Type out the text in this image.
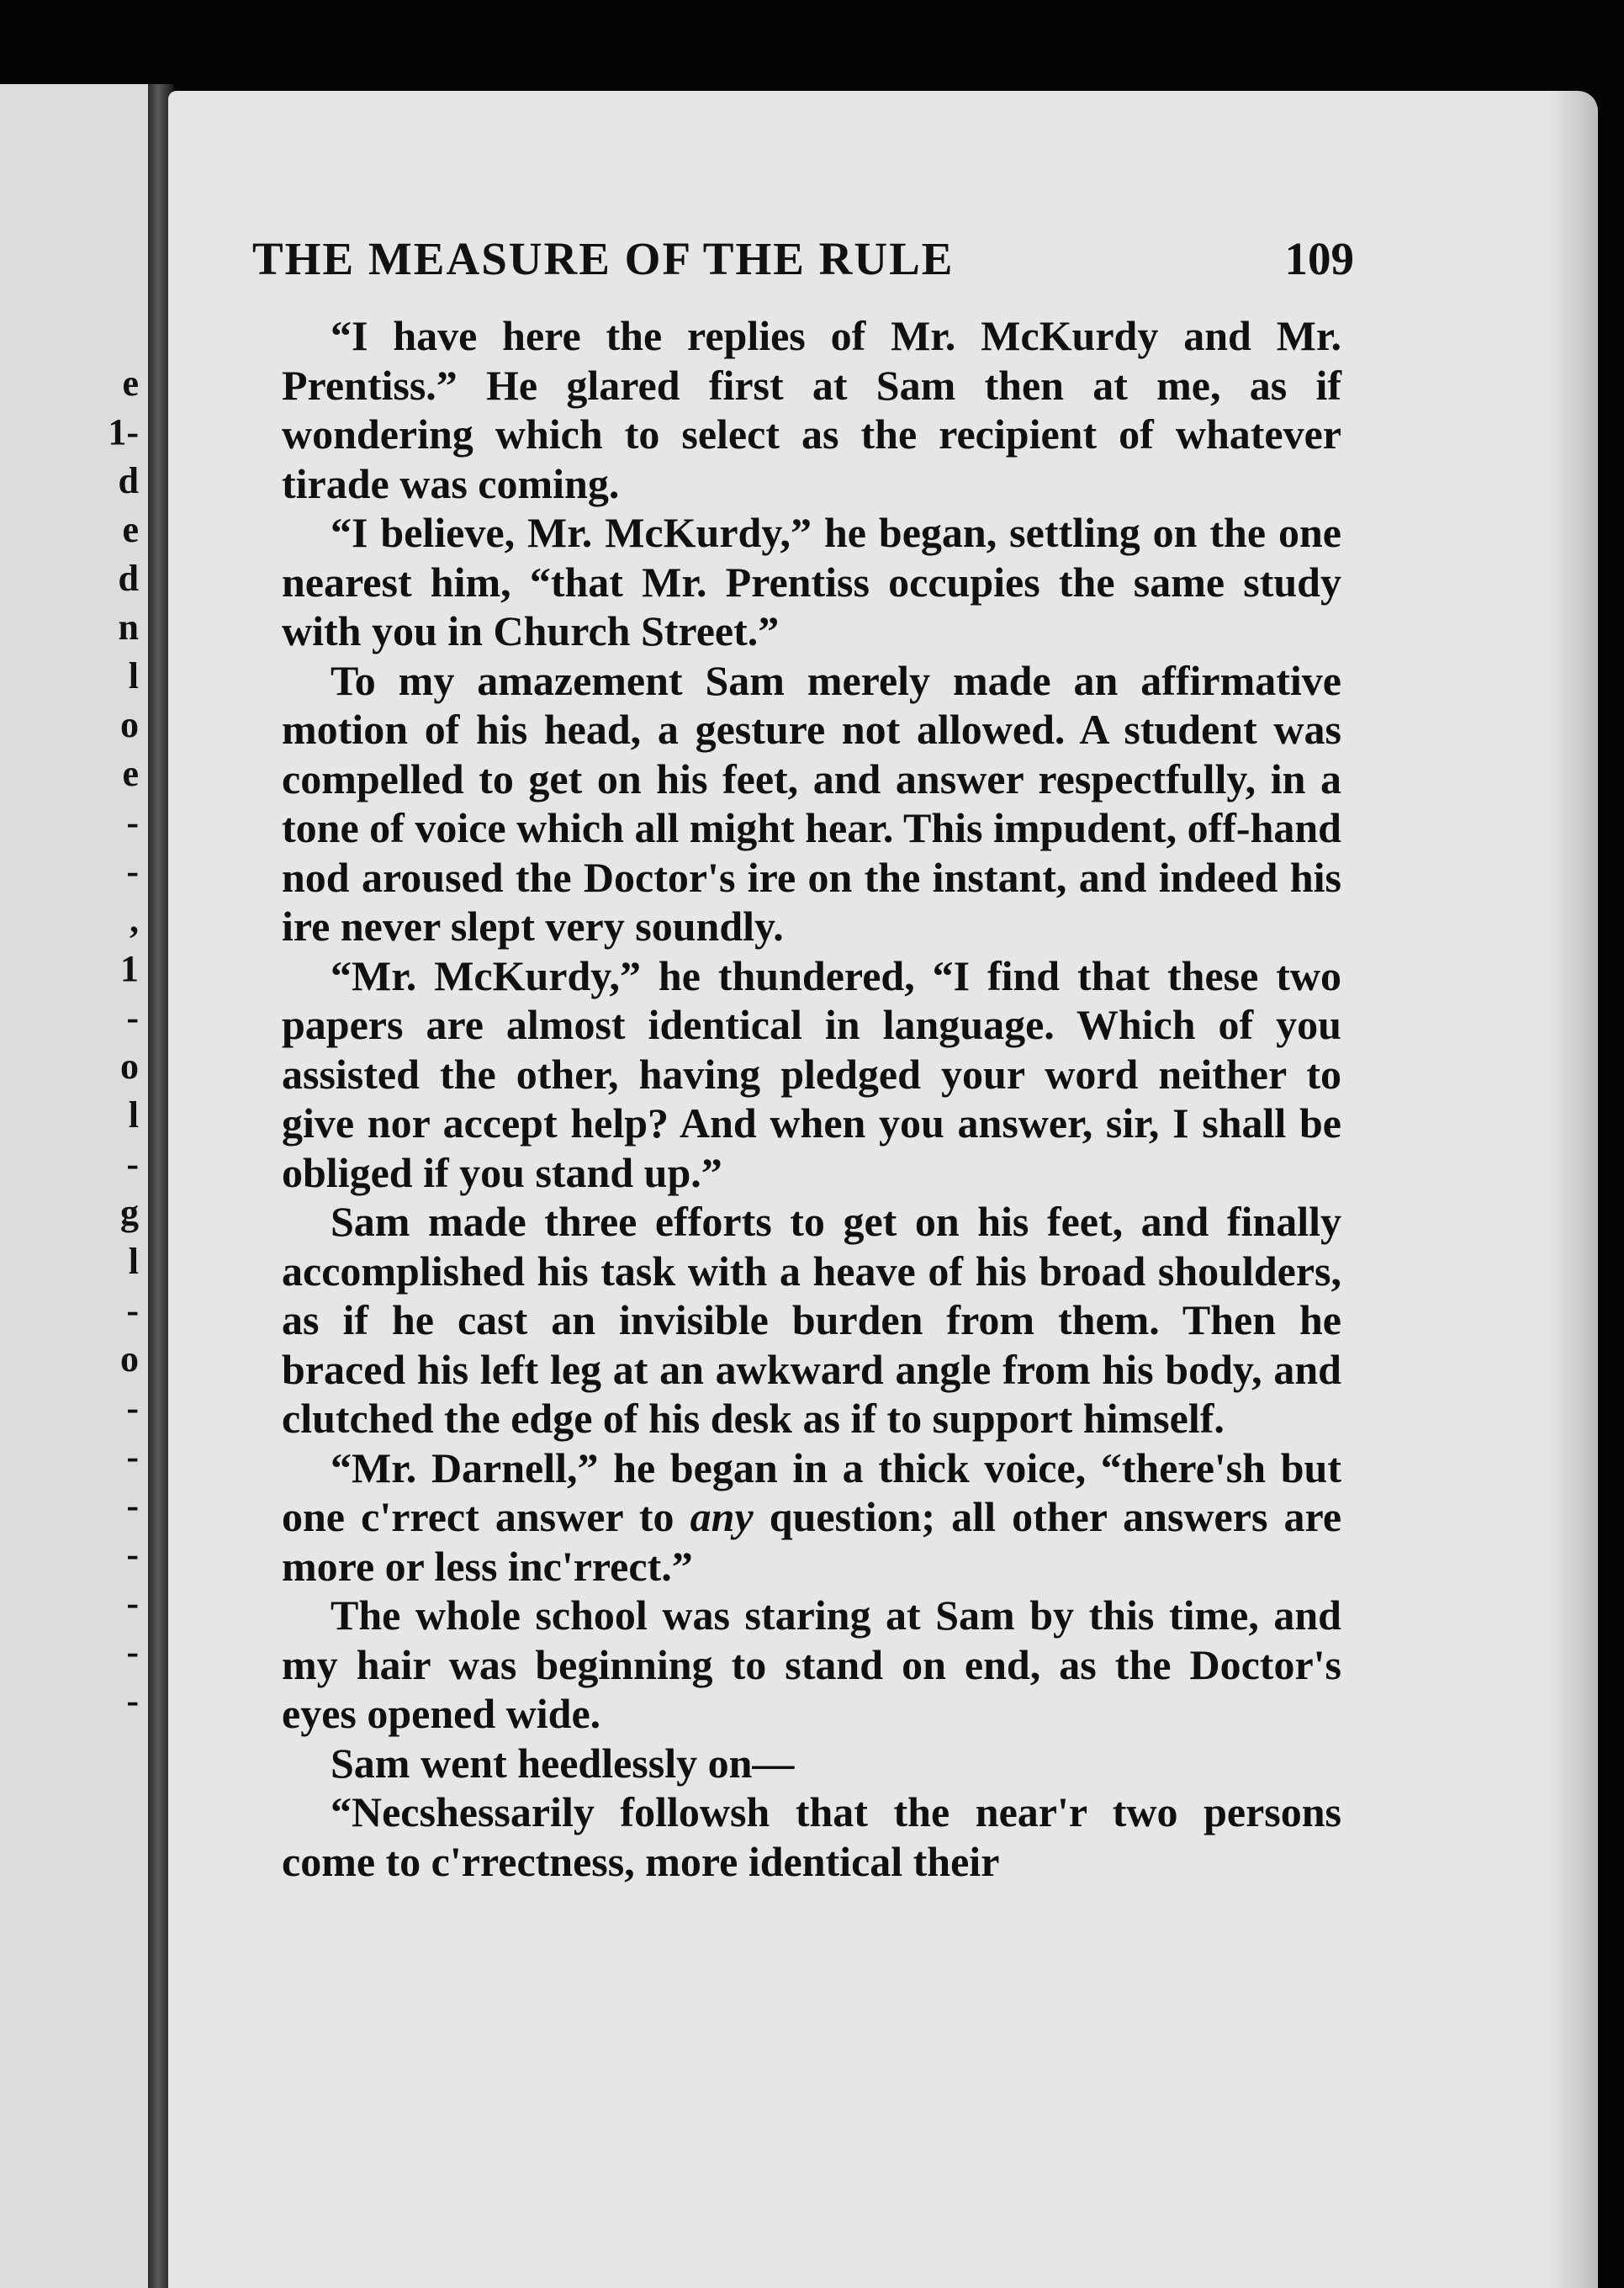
e
1-
d
e
d
n
l
o
e
-
-
,
1
-
o
l
-
g
l
-
o
-
-
-
-
-
-
-
THE MEASURE OF THE RULE	109

“I have here the replies of Mr. McKurdy and Mr. Prentiss.” He glared first at Sam then at me, as if wondering which to select as the recipient of whatever tirade was coming.

“I believe, Mr. McKurdy,” he began, settling on the one nearest him, “that Mr. Prentiss occupies the same study with you in Church Street.”

To my amazement Sam merely made an affirmative motion of his head, a gesture not allowed. A student was compelled to get on his feet, and answer respectfully, in a tone of voice which all might hear. This impudent, off-hand nod aroused the Doctor's ire on the instant, and indeed his ire never slept very soundly.

“Mr. McKurdy,” he thundered, “I find that these two papers are almost identical in language. Which of you assisted the other, having pledged your word neither to give nor accept help? And when you answer, sir, I shall be obliged if you stand up.”

Sam made three efforts to get on his feet, and finally accomplished his task with a heave of his broad shoulders, as if he cast an invisible burden from them. Then he braced his left leg at an awkward angle from his body, and clutched the edge of his desk as if to support himself.

“Mr. Darnell,” he began in a thick voice, “there'sh but one c'rrect answer to any question; all other answers are more or less inc'rrect.”

The whole school was staring at Sam by this time, and my hair was beginning to stand on end, as the Doctor's eyes opened wide.

Sam went heedlessly on—

“Necshessarily followsh that the near'r two persons come to c'rrectness, more identical their
